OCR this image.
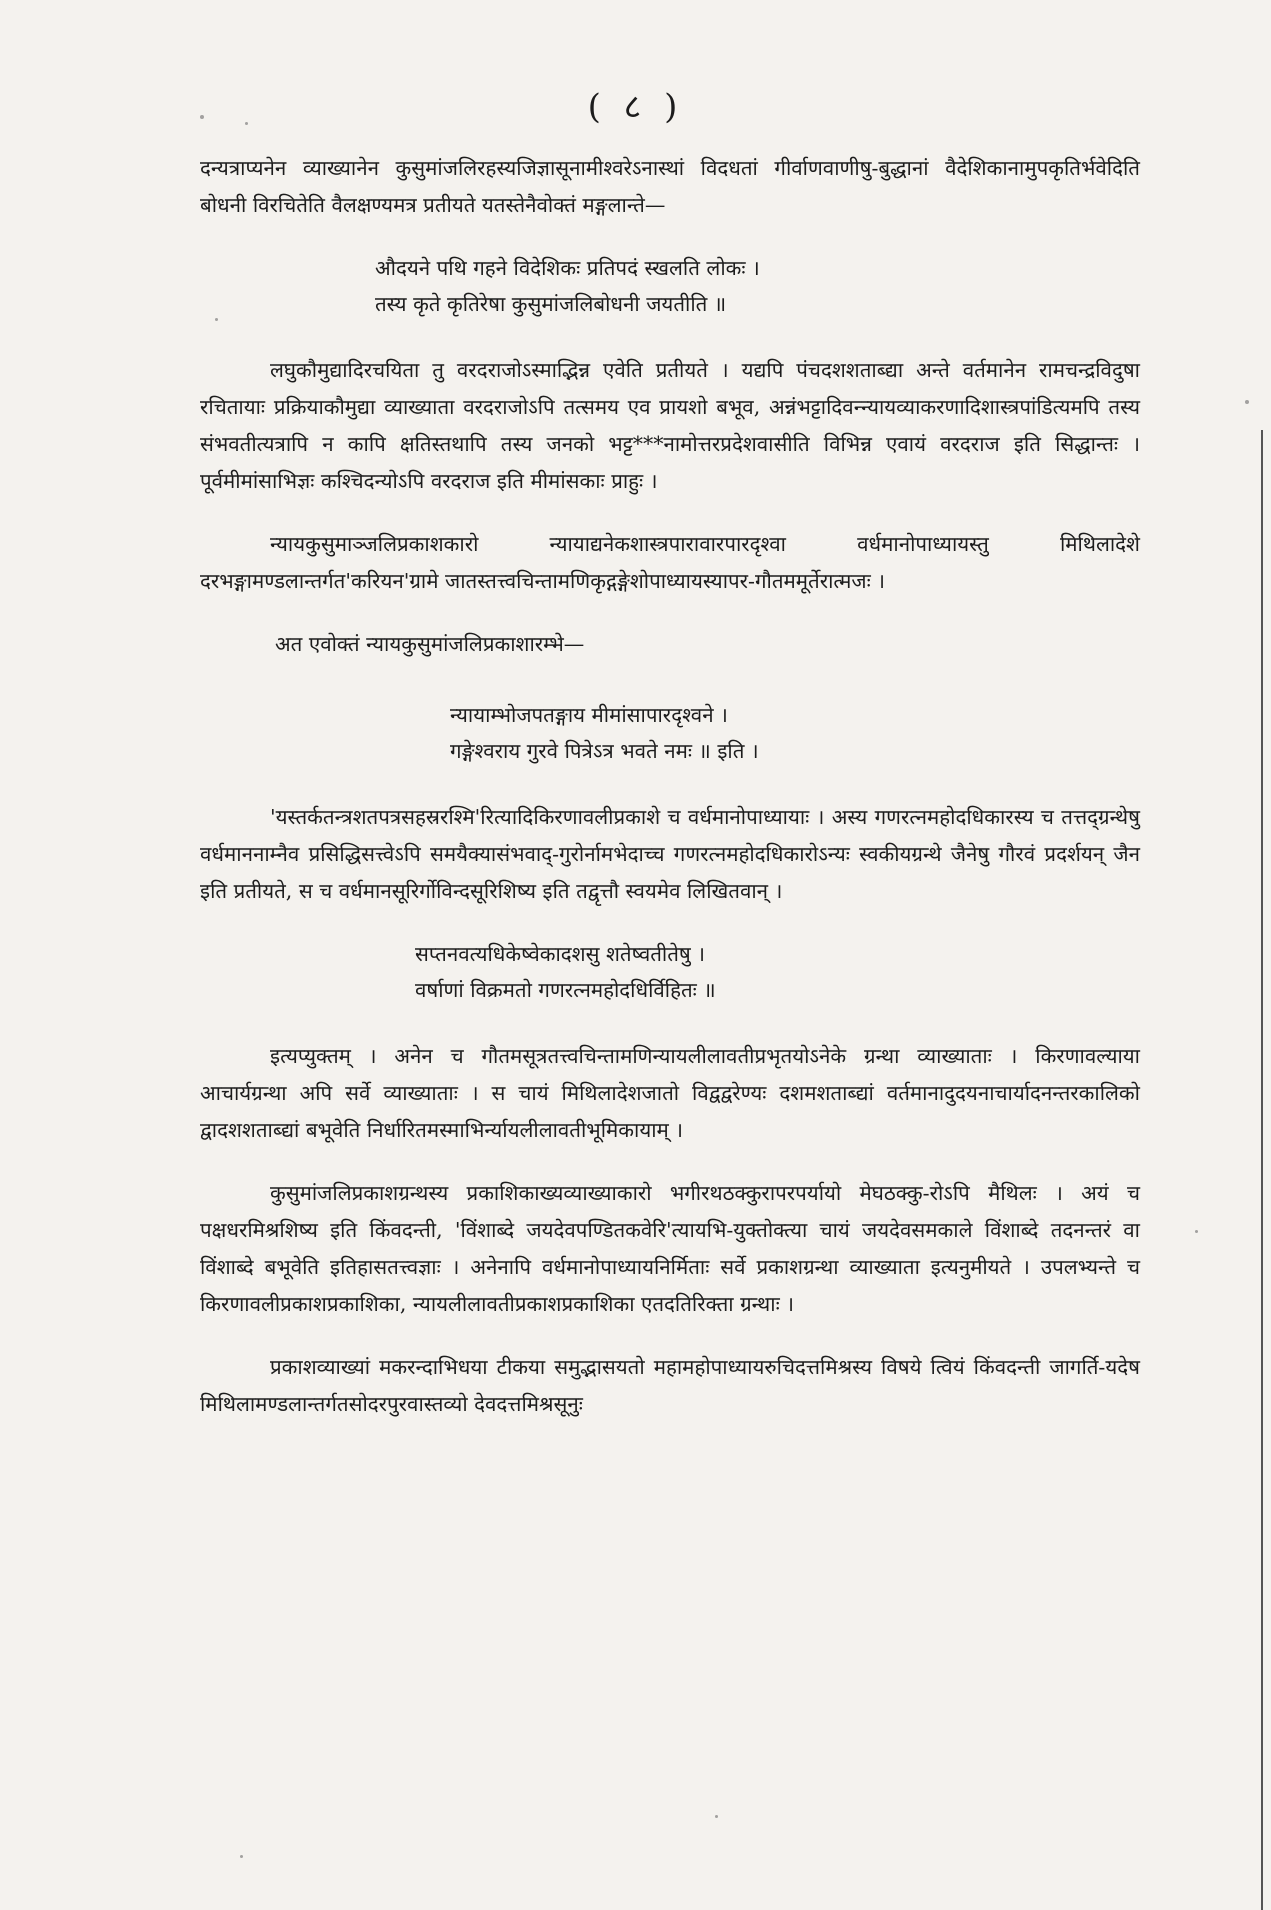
( ८ )

दन्यत्राप्यनेन व्याख्यानेन कुसुमांजलिरहस्यजिज्ञासूनामीश्वरेऽनास्थां विदधतां गीर्वाणवाणीषु-बुद्धानां वैदेशिकानामुपकृतिर्भवेदिति बोधनी विरचितेति वैलक्षण्यमत्र प्रतीयते यतस्तेनैवोक्तं मङ्गलान्ते—

औदयने पथि गहने विदेशिकः प्रतिपदं स्खलति लोकः ।
तस्य कृते कृतिरेषा कुसुमांजलिबोधनी जयतीति ॥

लघुकौमुद्यादिरचयिता तु वरदराजोऽस्माद्भिन्न एवेति प्रतीयते । यद्यपि पंचदशशताब्द्या अन्ते वर्तमानेन रामचन्द्रविदुषा रचितायाः प्रक्रियाकौमुद्या व्याख्याता वरदराजोऽपि तत्समय एव प्रायशो बभूव, अन्नंभट्टादिवन्न्यायव्याकरणादिशास्त्रपांडित्यमपि तस्य संभवतीत्यत्रापि न कापि क्षतिस्तथापि तस्य जनको भट्ट***नामोत्तरप्रदेशवासीति विभिन्न एवायं वरदराज इति सिद्धान्तः । पूर्वमीमांसाभिज्ञः कश्चिदन्योऽपि वरदराज इति मीमांसकाः प्राहुः ।

न्यायकुसुमाञ्जलिप्रकाशकारो न्यायाद्यनेकशास्त्रपारावारपारदृश्वा वर्धमानोपाध्यायस्तु मिथिलादेशे दरभङ्गामण्डलान्तर्गत'करियन'ग्रामे जातस्तत्त्वचिन्तामणिकृद्गङ्गेशोपाध्यायस्यापर-गौतममूर्तेरात्मजः ।

अत एवोक्तं न्यायकुसुमांजलिप्रकाशारम्भे—

न्यायाम्भोजपतङ्गाय मीमांसापारदृश्वने ।
गङ्गेश्वराय गुरवे पित्रेऽत्र भवते नमः ॥ इति ।

'यस्तर्कतन्त्रशतपत्रसहस्ररश्मि'रित्यादिकिरणावलीप्रकाशे च वर्धमानोपाध्यायाः । अस्य गणरत्नमहोदधिकारस्य च तत्तद्ग्रन्थेषु वर्धमाननाम्नैव प्रसिद्धिसत्त्वेऽपि समयैक्यासंभवाद्-गुरोर्नामभेदाच्च गणरत्नमहोदधिकारोऽन्यः स्वकीयग्रन्थे जैनेषु गौरवं प्रदर्शयन् जैन इति प्रतीयते, स च वर्धमानसूरिर्गोविन्दसूरिशिष्य इति तद्वृत्तौ स्वयमेव लिखितवान् ।

सप्तनवत्यधिकेष्वेकादशसु शतेष्वतीतेषु ।
वर्षाणां विक्रमतो गणरत्नमहोदधिर्विहितः ॥

इत्यप्युक्तम् । अनेन च गौतमसूत्रतत्त्वचिन्तामणिन्यायलीलावतीप्रभृतयोऽनेके ग्रन्था व्याख्याताः । किरणावल्याया आचार्यग्रन्था अपि सर्वे व्याख्याताः । स चायं मिथिलादेशजातो विद्वद्वरेण्यः दशमशताब्द्यां वर्तमानादुदयनाचार्यादनन्तरकालिको द्वादशशताब्द्यां बभूवेति निर्धारितमस्माभिर्न्यायलीलावतीभूमिकायाम् ।

कुसुमांजलिप्रकाशग्रन्थस्य प्रकाशिकाख्यव्याख्याकारो भगीरथठक्कुरापरपर्यायो मेघठक्कु-रोऽपि मैथिलः । अयं च पक्षधरमिश्रशिष्य इति किंवदन्ती, 'विंशाब्दे जयदेवपण्डितकवेरि'त्यायभि-युक्तोक्त्या चायं जयदेवसमकाले विंशाब्दे तदनन्तरं वा विंशाब्दे बभूवेति इतिहासतत्त्वज्ञाः । अनेनापि वर्धमानोपाध्यायनिर्मिताः सर्वे प्रकाशग्रन्था व्याख्याता इत्यनुमीयते । उपलभ्यन्ते च किरणावलीप्रकाशप्रकाशिका, न्यायलीलावतीप्रकाशप्रकाशिका एतदतिरिक्ता ग्रन्थाः ।

प्रकाशव्याख्यां मकरन्दाभिधया टीकया समुद्भासयतो महामहोपाध्यायरुचिदत्तमिश्रस्य विषये त्वियं किंवदन्ती जागर्ति-यदेष मिथिलामण्डलान्तर्गतसोदरपुरवास्तव्यो देवदत्तमिश्रसूनुः
